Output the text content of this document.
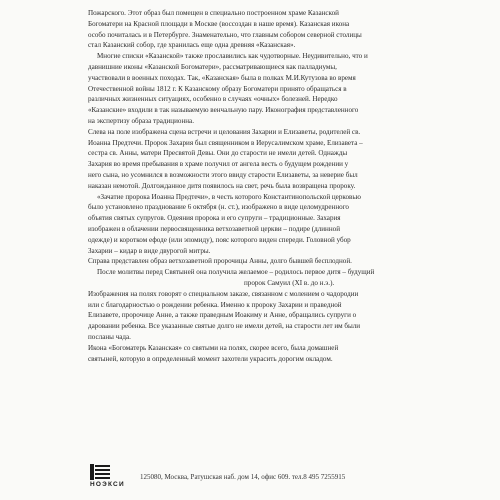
Пожарского. Этот образ был помещен в специально построенном храме Казанской
Богоматери на Красной площади в Москве (воссоздан в наше время). Казанская икона
особо почиталась и в Петербурге. Знаменательно, что главным собором северной столицы
стал Казанский собор, где хранилась еще одна древняя «Казанская».
Многие списки «Казанской» также прославились как чудотворные. Неудивительно, что и
давнишние иконы «Казанской Богоматери», рассматривающиеся как палладиумы,
участвовали в военных походах. Так, «Казанская» была в полках М.И.Кутузова во время
Отечественной войны 1812 г. К Казанскому образу Богоматери принято обращаться в
различных жизненных ситуациях, особенно в случаях «очных» болезней. Нередко
«Казанские» входили в так называемую венчальную пару. Иконография представленного
на экспертизу образа традиционна.
Слева на поле изображена сцена встречи и целования Захарии и Елизаветы, родителей св.
Иоанна Предтечи. Пророк Захария был священником в Иерусалимском храме, Елизавета –
сестра св. Анны, матери Пресвятой Девы. Они до старости не имели детей. Однажды
Захария во время пребывания в храме получил от ангела весть о будущем рождении у
него сына, но усомнился в возможности этого ввиду старости Елизаветы, за неверие был
наказан немотой. Долгожданное дитя появилось на свет, речь была возвращена пророку.
«Зачатие пророка Иоанна Предтечи», в честь которого Константинопольской церковью
было установлено празднование 6 октября (н. ст.), изображено в виде целомудренного
объятия святых супругов. Одеяния пророка и его супруги – традиционные. Захария
изображен в облачении первосвященника ветхозаветной церкви – подире (длинной
одежде) и коротком ефоде (или эпомиду), пояс которого виден спереди. Головной убор
Захарии – кидар в виде двурогой митры.
Справа представлен образ ветхозаветной пророчицы Анны, долго бывшей бесплодной.
После молитвы перед Святыней она получила желаемое – родилось первое дитя – будущий
пророк Самуил (XI в. до н.э.).
Изображения на полях говорят о специальном заказе, связанном с молением о чадородии
или с благодарностью о рождении ребенка. Именно к пророку Захарии и праведной
Елизавете, пророчице Анне, а также праведным Иоакиму и Анне, обращались супруги о
даровании ребенка. Все указанные святые долго не имели детей, на старости лет им были
посланы чада.
Икона «Богоматерь Казанская» со святыми на полях, скорее всего, была домашней
святыней, которую в определенный момент захотели украсить дорогим окладом.
НОЭКСИ
125080, Москва, Ратушская наб. дом 14, офис 609. тел.8 495 7255915
